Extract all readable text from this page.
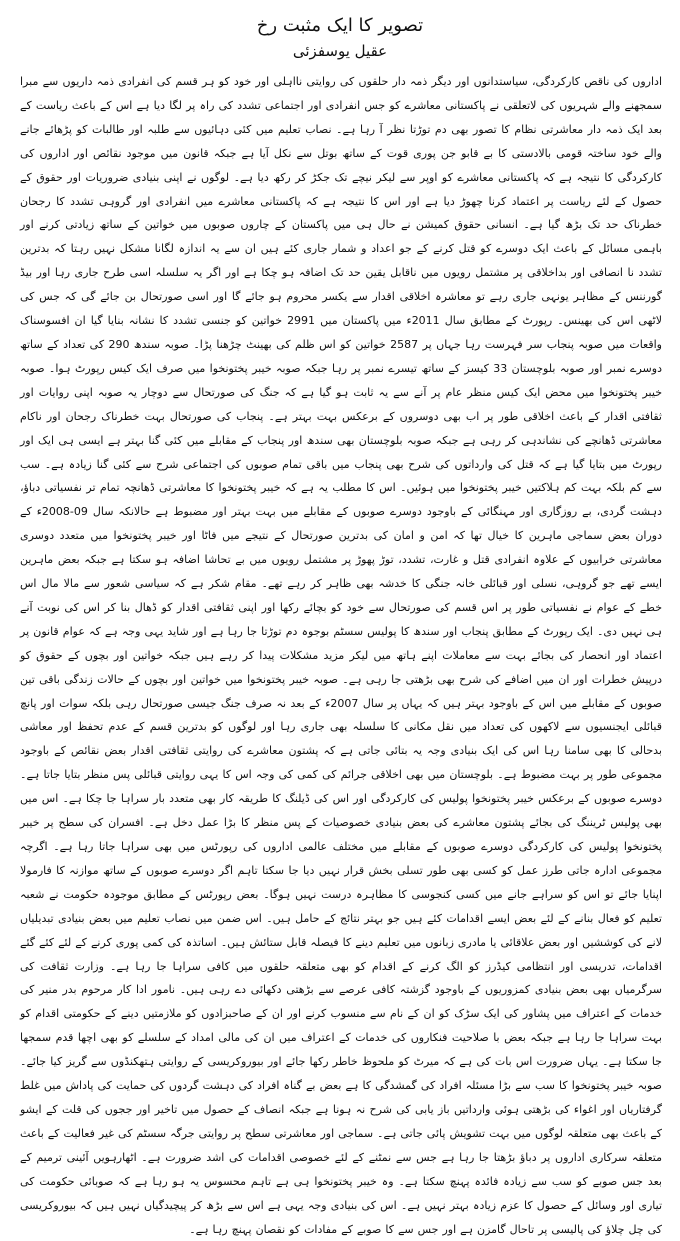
تصویر کا ایک مثبت رخ
عقیل یوسفزئی

اداروں کی ناقص کارکردگی، سیاستدانوں اور دیگر ذمہ دار حلقوں کی روایتی نااہلی اور خود کو ہر قسم کی انفرادی ذمہ داریوں سے مبرا سمجھنے والے شہریوں کی لاتعلقی نے پاکستانی معاشرے کو جس انفرادی اور اجتماعی تشدد کی راہ پر لگا دیا ہے اس کے باعث ریاست کے بعد ایک ذمہ دار معاشرتی نظام کا تصور بھی دم توڑتا نظر آ رہا ہے۔ نصاب تعلیم میں کئی دہائیوں سے طلبہ اور طالبات کو پڑھائے جانے والے خود ساختہ قومی بالادستی کا بے قابو جن پوری قوت کے ساتھ بوتل سے نکل آیا ہے جبکہ قانون میں موجود نقائص اور اداروں کی کارکردگی کا نتیجہ ہے کہ پاکستانی معاشرے کو اوپر سے لیکر نیچے تک جکڑ کر رکھ دیا ہے۔ لوگوں نے اپنی بنیادی ضروریات اور حقوق کے حصول کے لئے ریاست پر اعتماد کرنا چھوڑ دیا ہے اور اس کا نتیجہ ہے کہ پاکستانی معاشرے میں انفرادی اور گروہی تشدد کا رجحان خطرناک حد تک بڑھ گیا ہے۔ انسانی حقوق کمیشن نے حال ہی میں پاکستان کے چاروں صوبوں میں خواتین کے ساتھ زیادتی کرنے اور باہمی مسائل کے باعث ایک دوسرے کو قتل کرنے کے جو اعداد و شمار جاری کئے ہیں ان سے یہ اندازہ لگانا مشکل نہیں رہتا کہ بدترین تشدد نا انصافی اور بداخلاقی پر مشتمل رویوں میں ناقابل یقین حد تک اضافہ ہو چکا ہے اور اگر یہ سلسلہ اسی طرح جاری رہا اور بیڈ گورننس کے مظاہر یونہی جاری رہے تو معاشرہ اخلاقی اقدار سے یکسر محروم ہو جائے گا اور اسی صورتحال بن جائے گی کہ جس کی لاٹھی اس کی بھینس۔ رپورٹ کے مطابق سال 2011ء میں پاکستان میں 2991 خواتین کو جنسی تشدد کا نشانہ بنایا گیا ان افسوسناک واقعات میں صوبہ پنجاب سر فہرست رہا جہاں پر 2587 خواتین کو اس ظلم کی بھینٹ چڑھنا پڑا۔ صوبہ سندھ 290 کی تعداد کے ساتھ دوسرے نمبر اور صوبہ بلوچستان 33 کیسز کے ساتھ تیسرے نمبر پر رہا جبکہ صوبہ خیبر پختونخوا میں صرف ایک کیس رپورٹ ہوا۔ صوبہ خیبر پختونخوا میں محض ایک کیس منظر عام پر آنے سے یہ ثابت ہو گیا ہے کہ جنگ کی صورتحال سے دوچار یہ صوبہ اپنی روایات اور ثقافتی اقدار کے باعث اخلاقی طور پر اب بھی دوسروں کے برعکس بہت بہتر ہے۔ پنجاب کی صورتحال بہت خطرناک رجحان اور ناکام معاشرتی ڈھانچے کی نشاندہی کر رہی ہے جبکہ صوبہ بلوچستان بھی سندھ اور پنجاب کے مقابلے میں کئی گنا بہتر ہے ایسی ہی ایک اور رپورٹ میں بتایا گیا ہے کہ قتل کی وارداتوں کی شرح بھی پنجاب میں باقی تمام صوبوں کی اجتماعی شرح سے کئی گنا زیادہ ہے۔ سب سے کم بلکہ بہت کم ہلاکتیں خیبر پختونخوا میں ہوئیں۔ اس کا مطلب یہ ہے کہ خیبر پختونخوا کا معاشرتی ڈھانچہ تمام تر نفسیاتی دباؤ، دہشت گردی، بے روزگاری اور مہنگائی کے باوجود دوسرے صوبوں کے مقابلے میں بہت بہتر اور مضبوط ہے حالانکہ سال 09-2008ء کے دوران بعض سماجی ماہرین کا خیال تھا کہ امن و امان کی بدترین صورتحال کے نتیجے میں فاٹا اور خیبر پختونخوا میں متعدد دوسری معاشرتی خرابیوں کے علاوہ انفرادی قتل و غارت، تشدد، توڑ پھوڑ پر مشتمل رویوں میں بے تحاشا اضافہ ہو سکتا ہے جبکہ بعض ماہرین ایسے تھے جو گروہی، نسلی اور قبائلی خانہ جنگی کا خدشہ بھی ظاہر کر رہے تھے۔ مقام شکر ہے کہ سیاسی شعور سے مالا مال اس خطے کے عوام نے نفسیاتی طور پر اس قسم کی صورتحال سے خود کو بچائے رکھا اور اپنی ثقافتی اقدار کو ڈھال بنا کر اس کی نوبت آنے ہی نہیں دی۔ ایک رپورٹ کے مطابق پنجاب اور سندھ کا پولیس سسٹم بوجوہ دم توڑتا جا رہا ہے اور شاید یہی وجہ ہے کہ عوام قانون پر اعتماد اور انحصار کی بجائے بہت سے معاملات اپنے ہاتھ میں لیکر مزید مشکلات پیدا کر رہے ہیں جبکہ خواتین اور بچوں کے حقوق کو درپیش خطرات اور ان میں اضافے کی شرح بھی بڑھتی جا رہی ہے۔ صوبہ خیبر پختونخوا میں خواتین اور بچوں کے حالات زندگی باقی تین صوبوں کے مقابلے میں اس کے باوجود بہتر ہیں کہ یہاں پر سال 2007ء کے بعد نہ صرف جنگ جیسی صورتحال رہی بلکہ سوات اور پانچ قبائلی ایجنسیوں سے لاکھوں کی تعداد میں نقل مکانی کا سلسلہ بھی جاری رہا اور لوگوں کو بدترین قسم کے عدم تحفظ اور معاشی بدحالی کا بھی سامنا رہا اس کی ایک بنیادی وجہ یہ بتائی جاتی ہے کہ پشتون معاشرے کی روایتی ثقافتی اقدار بعض نقائص کے باوجود مجموعی طور پر بہت مضبوط ہے۔ بلوچستان میں بھی اخلاقی جرائم کی کمی کی وجہ اس کا یہی روایتی قبائلی پس منظر بتایا جاتا ہے۔ دوسرے صوبوں کے برعکس خیبر پختونخوا پولیس کی کارکردگی اور اس کی ڈیلنگ کا طریقہ کار بھی متعدد بار سراہا جا چکا ہے۔ اس میں بھی پولیس ٹریننگ کی بجائے پشتون معاشرے کی بعض بنیادی خصوصیات کے پس منظر کا بڑا عمل دخل ہے۔ افسران کی سطح پر خیبر پختونخوا پولیس کی کارکردگی دوسرے صوبوں کے مقابلے میں مختلف عالمی اداروں کی رپورٹس میں بھی سراہا جاتا رہا ہے۔ اگرچہ مجموعی ادارہ جاتی طرز عمل کو کسی بھی طور تسلی بخش قرار نہیں دیا جا سکتا تاہم اگر دوسرے صوبوں کے ساتھ موازنہ کا فارمولا اپنایا جائے تو اس کو سراہے جانے میں کسی کنجوسی کا مظاہرہ درست نہیں ہوگا۔ بعض رپورٹس کے مطابق موجودہ حکومت نے شعبہ تعلیم کو فعال بنانے کے لئے بعض ایسے اقدامات کئے ہیں جو بہتر نتائج کے حامل ہیں۔ اس ضمن میں نصاب تعلیم میں بعض بنیادی تبدیلیاں لانے کی کوششیں اور بعض علاقائی یا مادری زبانوں میں تعلیم دینے کا فیصلہ قابل ستائش ہیں۔ اساتذہ کی کمی پوری کرنے کے لئے کئے گئے اقدامات، تدریسی اور انتظامی کیڈرز کو الگ کرنے کے اقدام کو بھی متعلقہ حلقوں میں کافی سراہا جا رہا ہے۔ وزارت ثقافت کی سرگرمیاں بھی بعض بنیادی کمزوریوں کے باوجود گزشتہ کافی عرصے سے بڑھتی دکھائی دے رہی ہیں۔ نامور ادا کار مرحوم بدر منیر کی خدمات کے اعتراف میں پشاور کی ایک سڑک کو ان کے نام سے منسوب کرنے اور ان کے صاحبزادوں کو ملازمتیں دینے کے حکومتی اقدام کو بہت سراہا جا رہا ہے جبکہ بعض با صلاحیت فنکاروں کی خدمات کے اعتراف میں ان کی مالی امداد کے سلسلے کو بھی اچھا قدم سمجھا جا سکتا ہے۔ یہاں ضرورت اس بات کی ہے کہ میرٹ کو ملحوظ خاطر رکھا جائے اور بیوروکریسی کے روایتی ہتھکنڈوں سے گریز کیا جائے۔ صوبہ خیبر پختونخوا کا سب سے بڑا مسئلہ افراد کی گمشدگی کا ہے بعض بے گناہ افراد کی دہشت گردوں کی حمایت کی پاداش میں غلط گرفتاریاں اور اغواء کی بڑھتی ہوئی وارداتیں باز یابی کی شرح نہ ہونا ہے جبکہ انصاف کے حصول میں تاخیر اور ججوں کی قلت کے ایشو کے باعث بھی متعلقہ لوگوں میں بہت تشویش پائی جاتی ہے۔ سماجی اور معاشرتی سطح پر روایتی جرگہ سسٹم کی غیر فعالیت کے باعث متعلقہ سرکاری اداروں پر دباؤ بڑھتا جا رہا ہے جس سے نمٹنے کے لئے خصوصی اقدامات کی اشد ضرورت ہے۔ اٹھارہویں آئینی ترمیم کے بعد جس صوبے کو سب سے زیادہ فائدہ پہنچ سکتا ہے۔ وہ خیبر پختونخوا ہی ہے تاہم محسوس یہ ہو رہا ہے کہ صوبائی حکومت کی تیاری اور وسائل کے حصول کا عزم زیادہ بہتر نہیں ہے۔ اس کی بنیادی وجہ یہی ہے اس سے بڑھ کر پیچیدگیاں نہیں ہیں کہ بیوروکریسی کی چل چلاؤ کی پالیسی پر تاحال گامزن ہے اور جس سے کا صوبے کے مفادات کو نقصان پہنچ رہا ہے۔
